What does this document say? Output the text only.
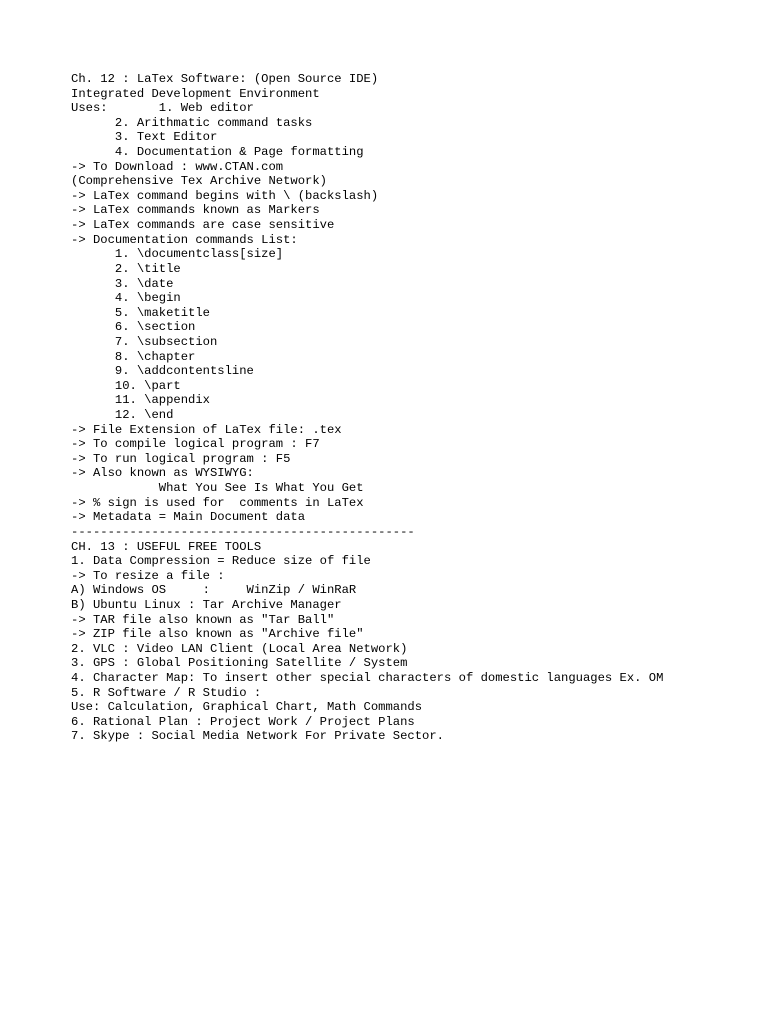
Ch. 12 : LaTex Software: (Open Source IDE)
Integrated Development Environment
Uses:       1. Web editor
2. Arithmatic command tasks
3. Text Editor
4. Documentation & Page formatting
-> To Download : www.CTAN.com
(Comprehensive Tex Archive Network)
-> LaTex command begins with \ (backslash)
-> LaTex commands known as Markers
-> LaTex commands are case sensitive
-> Documentation commands List:
1. \documentclass[size]
2. \title
3. \date
4. \begin
5. \maketitle
6. \section
7. \subsection
8. \chapter
9. \addcontentsline
10. \part
11. \appendix
12. \end
-> File Extension of LaTex file: .tex
-> To compile logical program : F7
-> To run logical program : F5
-> Also known as WYSIWYG:
What You See Is What You Get
-> % sign is used for  comments in LaTex
-> Metadata = Main Document data
-----------------------------------------------
CH. 13 : USEFUL FREE TOOLS
1. Data Compression = Reduce size of file
-> To resize a file :
A) Windows OS     :     WinZip / WinRaR
B) Ubuntu Linux : Tar Archive Manager
-> TAR file also known as "Tar Ball"
-> ZIP file also known as "Archive file"
2. VLC : Video LAN Client (Local Area Network)
3. GPS : Global Positioning Satellite / System
4. Character Map: To insert other special characters of domestic languages Ex. OM
5. R Software / R Studio :
Use: Calculation, Graphical Chart, Math Commands
6. Rational Plan : Project Work / Project Plans
7. Skype : Social Media Network For Private Sector.
